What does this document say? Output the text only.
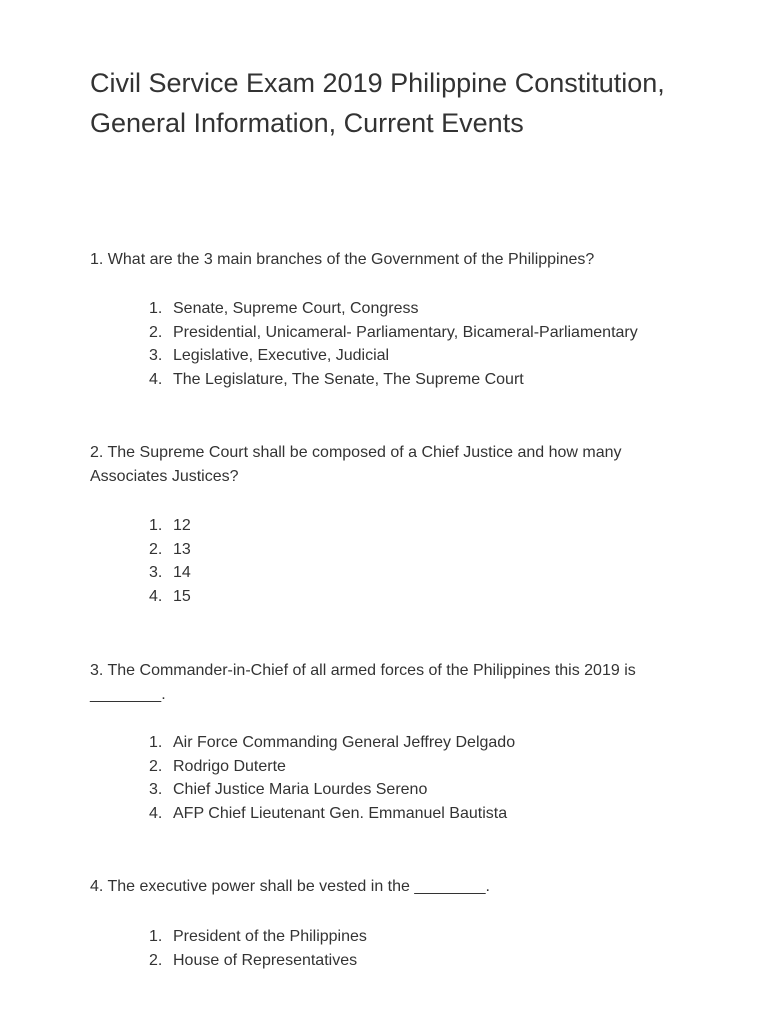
Civil Service Exam 2019 Philippine Constitution, General Information, Current Events

1. What are the 3 main branches of the Government of the Philippines?

1. Senate, Supreme Court, Congress
2. Presidential, Unicameral- Parliamentary, Bicameral-Parliamentary
3. Legislative, Executive, Judicial
4. The Legislature, The Senate, The Supreme Court

2. The Supreme Court shall be composed of a Chief Justice and how many Associates Justices?

1. 12
2. 13
3. 14
4. 15

3. The Commander-in-Chief of all armed forces of the Philippines this 2019 is ________.

1. Air Force Commanding General Jeffrey Delgado
2. Rodrigo Duterte
3. Chief Justice Maria Lourdes Sereno
4. AFP Chief Lieutenant Gen. Emmanuel Bautista

4. The executive power shall be vested in the ________.

1. President of the Philippines
2. House of Representatives
